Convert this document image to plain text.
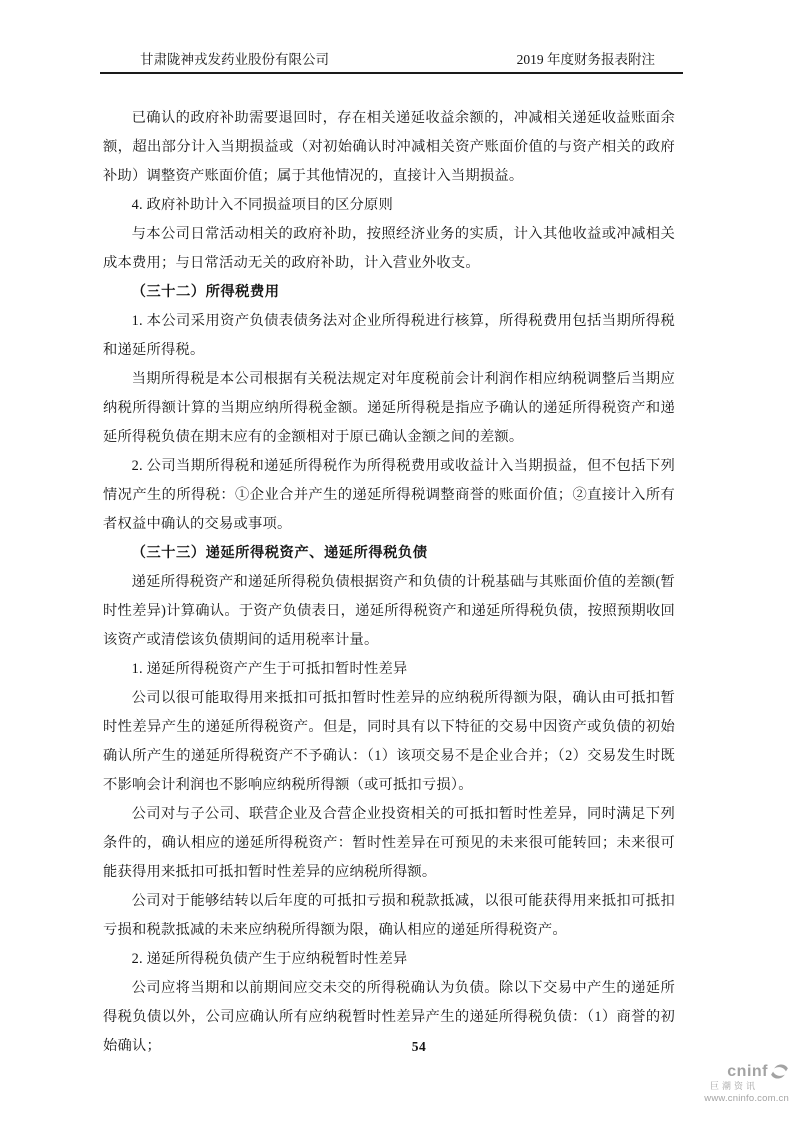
甘肃陇神戎发药业股份有限公司	2019 年度财务报表附注

已确认的政府补助需要退回时，存在相关递延收益余额的，冲减相关递延收益账面余额，超出部分计入当期损益或（对初始确认时冲减相关资产账面价值的与资产相关的政府补助）调整资产账面价值；属于其他情况的，直接计入当期损益。

4. 政府补助计入不同损益项目的区分原则

与本公司日常活动相关的政府补助，按照经济业务的实质，计入其他收益或冲减相关成本费用；与日常活动无关的政府补助，计入营业外收支。

（三十二）所得税费用

1. 本公司采用资产负债表债务法对企业所得税进行核算，所得税费用包括当期所得税和递延所得税。

当期所得税是本公司根据有关税法规定对年度税前会计利润作相应纳税调整后当期应纳税所得额计算的当期应纳所得税金额。递延所得税是指应予确认的递延所得税资产和递延所得税负债在期末应有的金额相对于原已确认金额之间的差额。

2. 公司当期所得税和递延所得税作为所得税费用或收益计入当期损益，但不包括下列情况产生的所得税：①企业合并产生的递延所得税调整商誉的账面价值；②直接计入所有者权益中确认的交易或事项。

（三十三）递延所得税资产、递延所得税负债

递延所得税资产和递延所得税负债根据资产和负债的计税基础与其账面价值的差额(暂时性差异)计算确认。于资产负债表日，递延所得税资产和递延所得税负债，按照预期收回该资产或清偿该负债期间的适用税率计量。

1. 递延所得税资产产生于可抵扣暂时性差异

公司以很可能取得用来抵扣可抵扣暂时性差异的应纳税所得额为限，确认由可抵扣暂时性差异产生的递延所得税资产。但是，同时具有以下特征的交易中因资产或负债的初始确认所产生的递延所得税资产不予确认：（1）该项交易不是企业合并；（2）交易发生时既不影响会计利润也不影响应纳税所得额（或可抵扣亏损）。

公司对与子公司、联营企业及合营企业投资相关的可抵扣暂时性差异，同时满足下列条件的，确认相应的递延所得税资产：暂时性差异在可预见的未来很可能转回；未来很可能获得用来抵扣可抵扣暂时性差异的应纳税所得额。

公司对于能够结转以后年度的可抵扣亏损和税款抵减，以很可能获得用来抵扣可抵扣亏损和税款抵减的未来应纳税所得额为限，确认相应的递延所得税资产。

2. 递延所得税负债产生于应纳税暂时性差异

公司应将当期和以前期间应交未交的所得税确认为负债。除以下交易中产生的递延所得税负债以外，公司应确认所有应纳税暂时性差异产生的递延所得税负债：（1）商誉的初始确认；	54
cninf
巨潮资讯
www.cninfo.com.cn
